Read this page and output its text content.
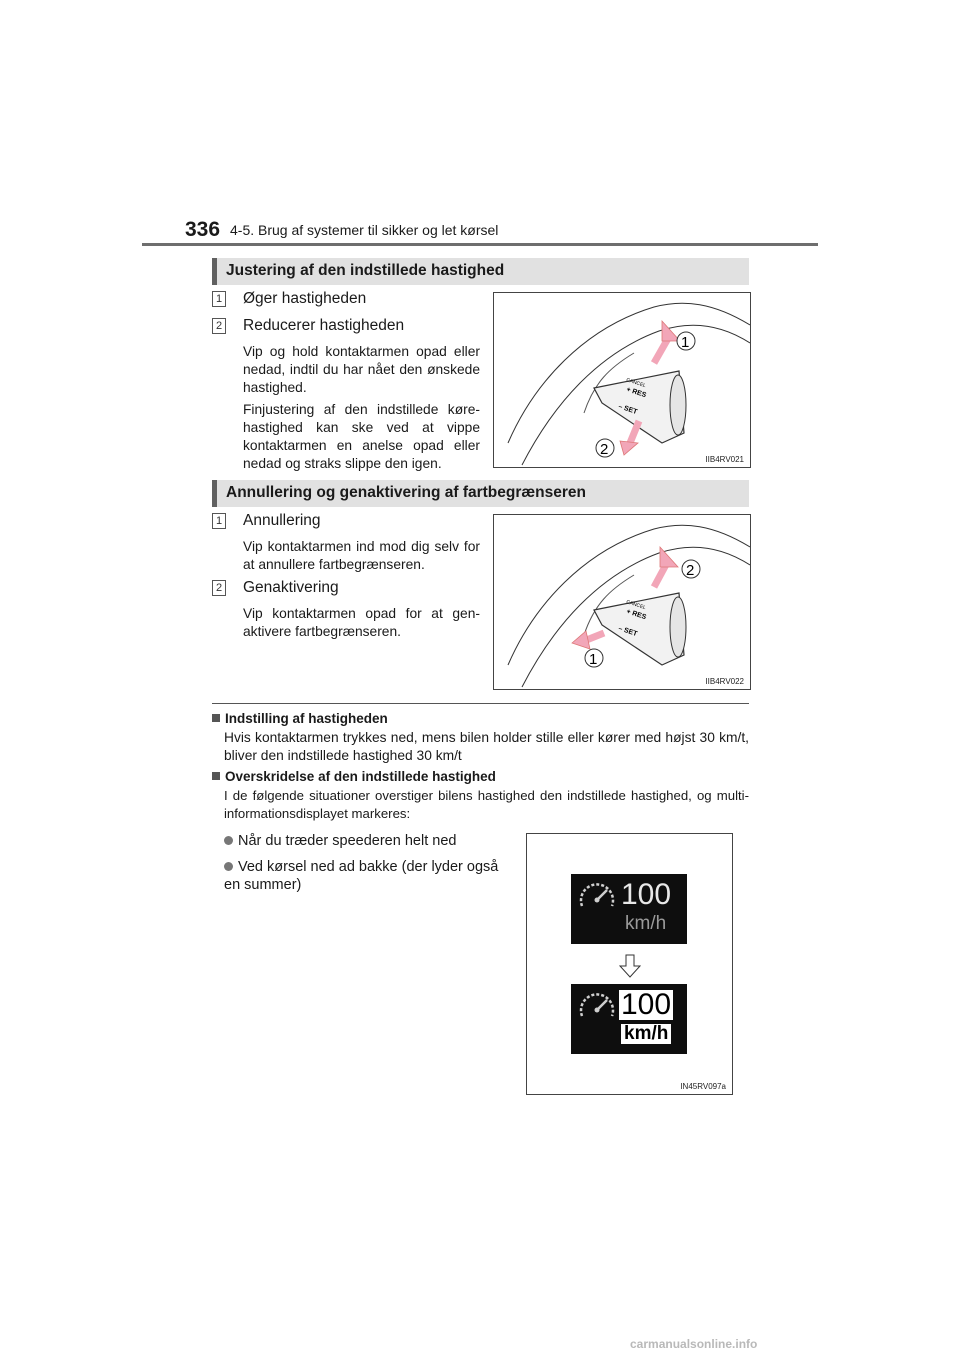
336 4-5. Brug af systemer til sikker og let kørsel
Justering af den indstillede hastighed
1 Øger hastigheden
2 Reducerer hastigheden
Vip og hold kontaktarmen opad eller nedad, indtil du har nået den ønskede hastighed.
Finjustering af den indstillede køre-hastighed kan ske ved at vippe kontaktarmen en anelse opad eller nedad og straks slippe den igen.
CANCEL
+ RES
– SET
1
2
IIB4RV021
Annullering og genaktivering af fartbegrænseren
1 Annullering
Vip kontaktarmen ind mod dig selv for at annullere fartbegrænseren.
2 Genaktivering
Vip kontaktarmen opad for at gen-aktivere fartbegrænseren.
CANCEL
+ RES
– SET
2
1
IIB4RV022
Indstilling af hastigheden
Hvis kontaktarmen trykkes ned, mens bilen holder stille eller kører med højst 30 km/t, bliver den indstillede hastighed 30 km/t
Overskridelse af den indstillede hastighed
I de følgende situationer overstiger bilens hastighed den indstillede hastighed, og multi-informationsdisplayet markeres:
Når du træder speederen helt ned
Ved kørsel ned ad bakke (der lyder også en summer)	100
km/h
100
km/h
IN45RV097a
carmanualsonline.info
